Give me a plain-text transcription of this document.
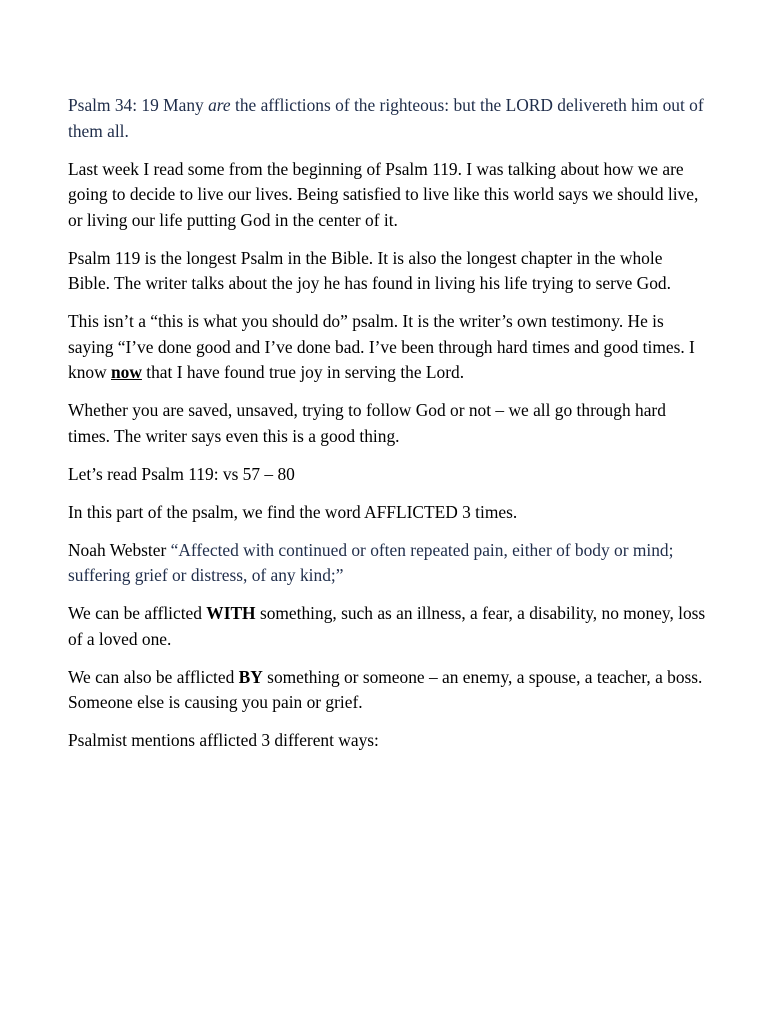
Psalm 34: 19 Many are the afflictions of the righteous: but the LORD delivereth him out of them all.

Last week I read some from the beginning of Psalm 119. I was talking about how we are going to decide to live our lives. Being satisfied to live like this world says we should live, or living our life putting God in the center of it.

Psalm 119 is the longest Psalm in the Bible. It is also the longest chapter in the whole Bible. The writer talks about the joy he has found in living his life trying to serve God.

This isn’t a “this is what you should do” psalm. It is the writer’s own testimony. He is saying “I’ve done good and I’ve done bad. I’ve been through hard times and good times. I know now that I have found true joy in serving the Lord.

Whether you are saved, unsaved, trying to follow God or not – we all go through hard times. The writer says even this is a good thing.

Let’s read Psalm 119: vs 57 – 80

In this part of the psalm, we find the word AFFLICTED 3 times.

Noah Webster “Affected with continued or often repeated pain, either of body or mind; suffering grief or distress, of any kind;”

We can be afflicted WITH something, such as an illness, a fear, a disability, no money, loss of a loved one.

We can also be afflicted BY something or someone – an enemy, a spouse, a teacher, a boss. Someone else is causing you pain or grief.

Psalmist mentions afflicted 3 different ways:
